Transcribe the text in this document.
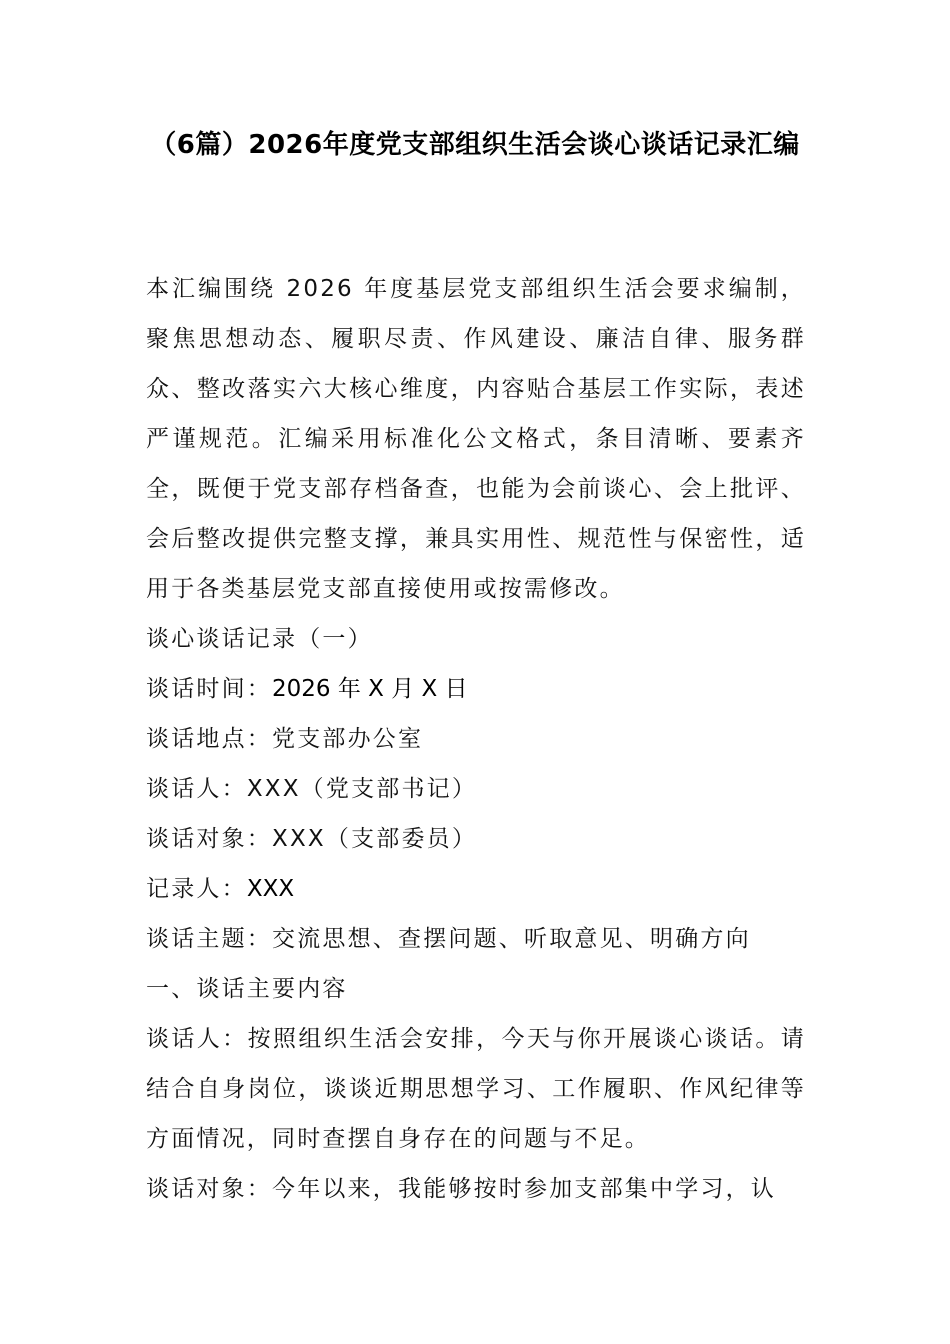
（6篇）2026年度党支部组织生活会谈心谈话记录汇编

本汇编围绕 2026 年度基层党支部组织生活会要求编制，聚焦思想动态、履职尽责、作风建设、廉洁自律、服务群众、整改落实六大核心维度，内容贴合基层工作实际，表述严谨规范。汇编采用标准化公文格式，条目清晰、要素齐全，既便于党支部存档备查，也能为会前谈心、会上批评、会后整改提供完整支撑，兼具实用性、规范性与保密性，适用于各类基层党支部直接使用或按需修改。

谈心谈话记录（一）

谈话时间：2026 年 X 月 X 日

谈话地点：党支部办公室

谈话人：XXX（党支部书记）

谈话对象：XXX（支部委员）

记录人：XXX

谈话主题：交流思想、查摆问题、听取意见、明确方向

一、谈话主要内容

谈话人：按照组织生活会安排，今天与你开展谈心谈话。请结合自身岗位，谈谈近期思想学习、工作履职、作风纪律等方面情况，同时查摆自身存在的问题与不足。

谈话对象：今年以来，我能够按时参加支部集中学习，认
